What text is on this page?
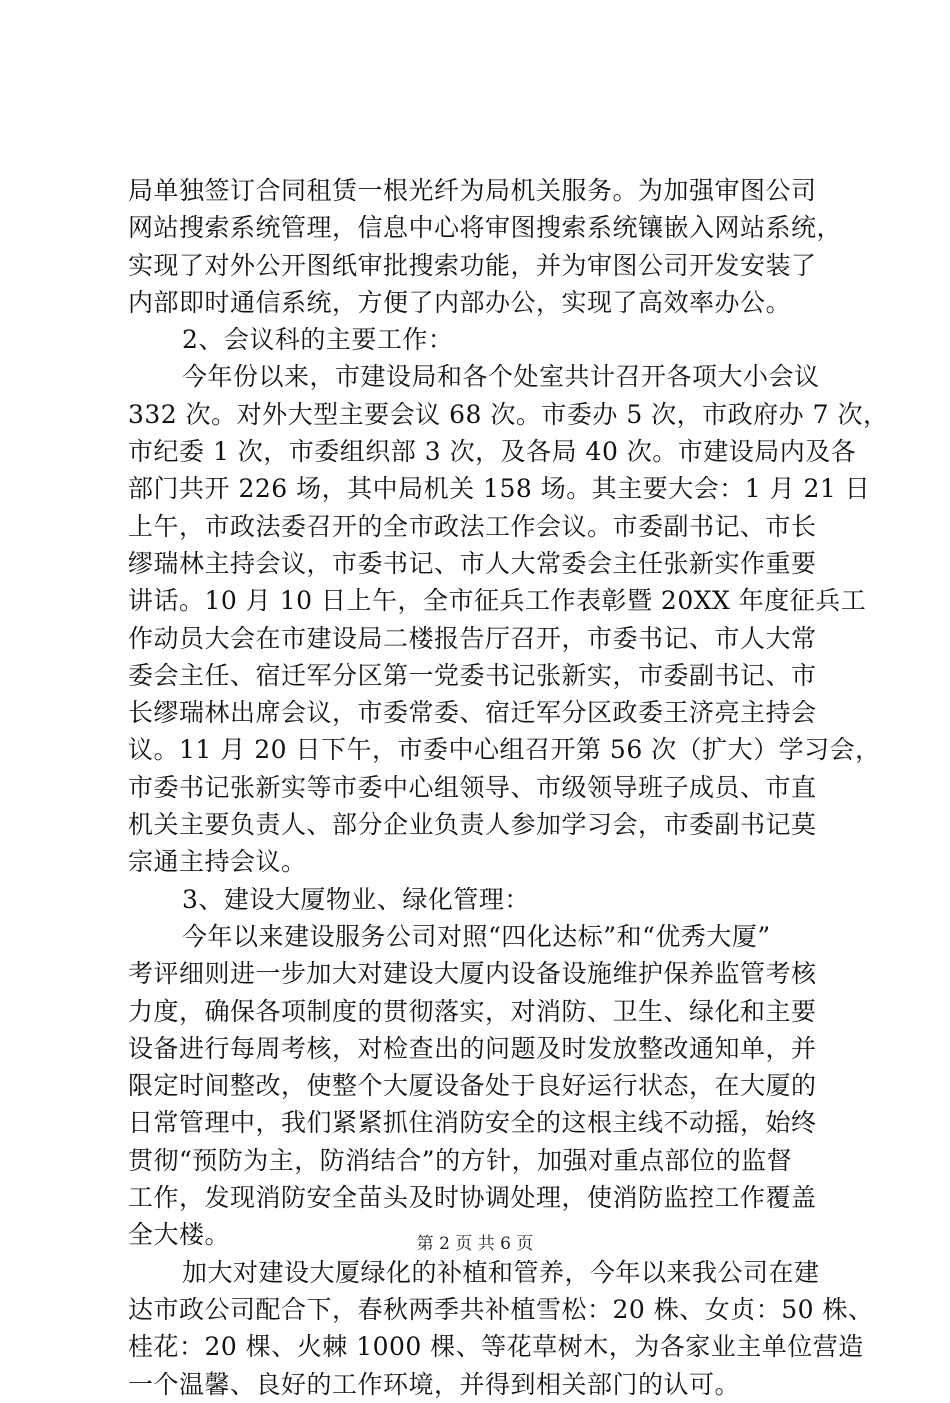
局单独签订合同租赁一根光纤为局机关服务。为加强审图公司
网站搜索系统管理，信息中心将审图搜索系统镶嵌入网站系统，
实现了对外公开图纸审批搜索功能，并为审图公司开发安装了
内部即时通信系统，方便了内部办公，实现了高效率办公。
2、会议科的主要工作：
今年份以来，市建设局和各个处室共计召开各项大小会议
332 次。对外大型主要会议 68 次。市委办 5 次，市政府办 7 次，
市纪委 1 次，市委组织部 3 次，及各局 40 次。市建设局内及各
部门共开 226 场，其中局机关 158 场。其主要大会：1 月 21 日
上午，市政法委召开的全市政法工作会议。市委副书记、市长
缪瑞林主持会议，市委书记、市人大常委会主任张新实作重要
讲话。10 月 10 日上午，全市征兵工作表彰暨 20XX 年度征兵工
作动员大会在市建设局二楼报告厅召开，市委书记、市人大常
委会主任、宿迁军分区第一党委书记张新实，市委副书记、市
长缪瑞林出席会议，市委常委、宿迁军分区政委王济亮主持会
议。11 月 20 日下午，市委中心组召开第 56 次（扩大）学习会，
市委书记张新实等市委中心组领导、市级领导班子成员、市直
机关主要负责人、部分企业负责人参加学习会，市委副书记莫
宗通主持会议。
3、建设大厦物业、绿化管理：
今年以来建设服务公司对照“四化达标”和“优秀大厦”
考评细则进一步加大对建设大厦内设备设施维护保养监管考核
力度，确保各项制度的贯彻落实，对消防、卫生、绿化和主要
设备进行每周考核，对检查出的问题及时发放整改通知单，并
限定时间整改，使整个大厦设备处于良好运行状态，在大厦的
日常管理中，我们紧紧抓住消防安全的这根主线不动摇，始终
贯彻“预防为主，防消结合”的方针，加强对重点部位的监督
工作，发现消防安全苗头及时协调处理，使消防监控工作覆盖
全大楼。
加大对建设大厦绿化的补植和管养，今年以来我公司在建
达市政公司配合下，春秋两季共补植雪松：20 株、女贞：50 株、
桂花：20 棵、火棘 1000 棵、等花草树木，为各家业主单位营造
一个温馨、良好的工作环境，并得到相关部门的认可。
第 2 页 共 6 页
